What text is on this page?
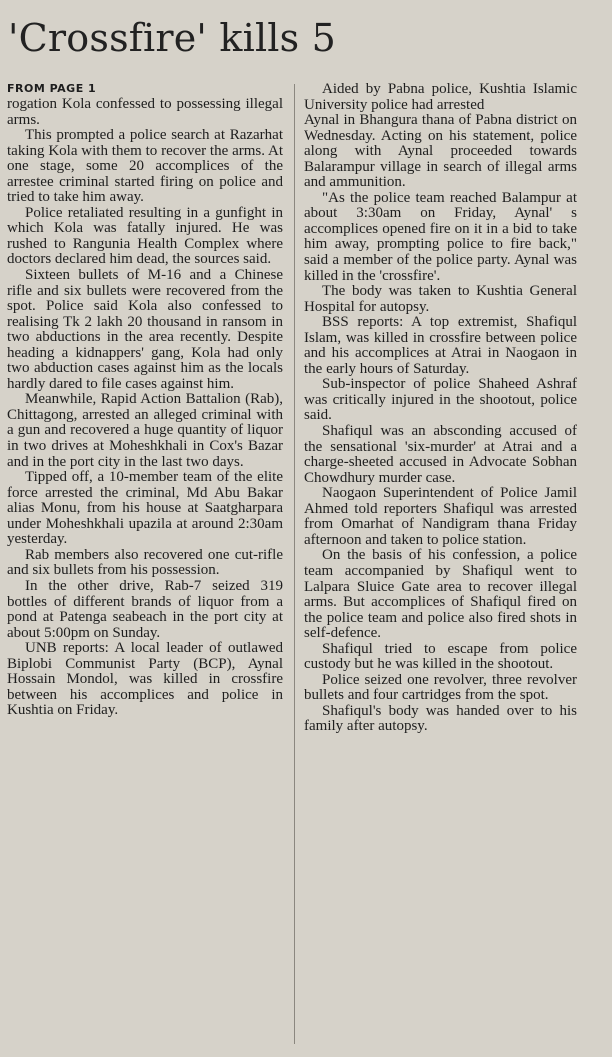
'Crossfire' kills 5
FROM PAGE 1

rogation Kola confessed to possessing illegal arms.

This prompted a police search at Razarhat taking Kola with them to recover the arms. At one stage, some 20 accomplices of the arrestee criminal started firing on police and tried to take him away.

Police retaliated resulting in a gunfight in which Kola was fatally injured. He was rushed to Rangunia Health Complex where doctors declared him dead, the sources said.

Sixteen bullets of M-16 and a Chinese rifle and six bullets were recovered from the spot. Police said Kola also confessed to realising Tk 2 lakh 20 thousand in ransom in two abductions in the area recently. Despite heading a kidnappers' gang, Kola had only two abduction cases against him as the locals hardly dared to file cases against him.

Meanwhile, Rapid Action Battalion (Rab), Chittagong, arrested an alleged criminal with a gun and recovered a huge quantity of liquor in two drives at Moheshkhali in Cox's Bazar and in the port city in the last two days.

Tipped off, a 10-member team of the elite force arrested the criminal, Md Abu Bakar alias Monu, from his house at Saatgharpara under Moheshkhali upazila at around 2:30am yesterday.

Rab members also recovered one cut-rifle and six bullets from his possession.

In the other drive, Rab-7 seized 319 bottles of different brands of liquor from a pond at Patenga seabeach in the port city at about 5:00pm on Sunday.

UNB reports: A local leader of outlawed Biplobi Communist Party (BCP), Aynal Hossain Mondol, was killed in crossfire between his accomplices and police in Kushtia on Friday.

Aided by Pabna police, Kushtia Islamic University police had arrested

Aynal in Bhangura thana of Pabna district on Wednesday. Acting on his statement, police along with Aynal proceeded towards Balarampur village in search of illegal arms and ammunition.

"As the police team reached Balampur at about 3:30am on Friday, Aynal' s accomplices opened fire on it in a bid to take him away, prompting police to fire back," said a member of the police party. Aynal was killed in the 'crossfire'.

The body was taken to Kushtia General Hospital for autopsy.

BSS reports: A top extremist, Shafiqul Islam, was killed in crossfire between police and his accomplices at Atrai in Naogaon in the early hours of Saturday.

Sub-inspector of police Shaheed Ashraf was critically injured in the shootout, police said.

Shafiqul was an absconding accused of the sensational 'six-murder' at Atrai and a charge-sheeted accused in Advocate Sobhan Chowdhury murder case.

Naogaon Superintendent of Police Jamil Ahmed told reporters Shafiqul was arrested from Omarhat of Nandigram thana Friday afternoon and taken to police station.

On the basis of his confession, a police team accompanied by Shafiqul went to Lalpara Sluice Gate area to recover illegal arms. But accomplices of Shafiqul fired on the police team and police also fired shots in self-defence.

Shafiqul tried to escape from police custody but he was killed in the shootout.

Police seized one revolver, three revolver bullets and four cartridges from the spot.

Shafiqul's body was handed over to his family after autopsy.
